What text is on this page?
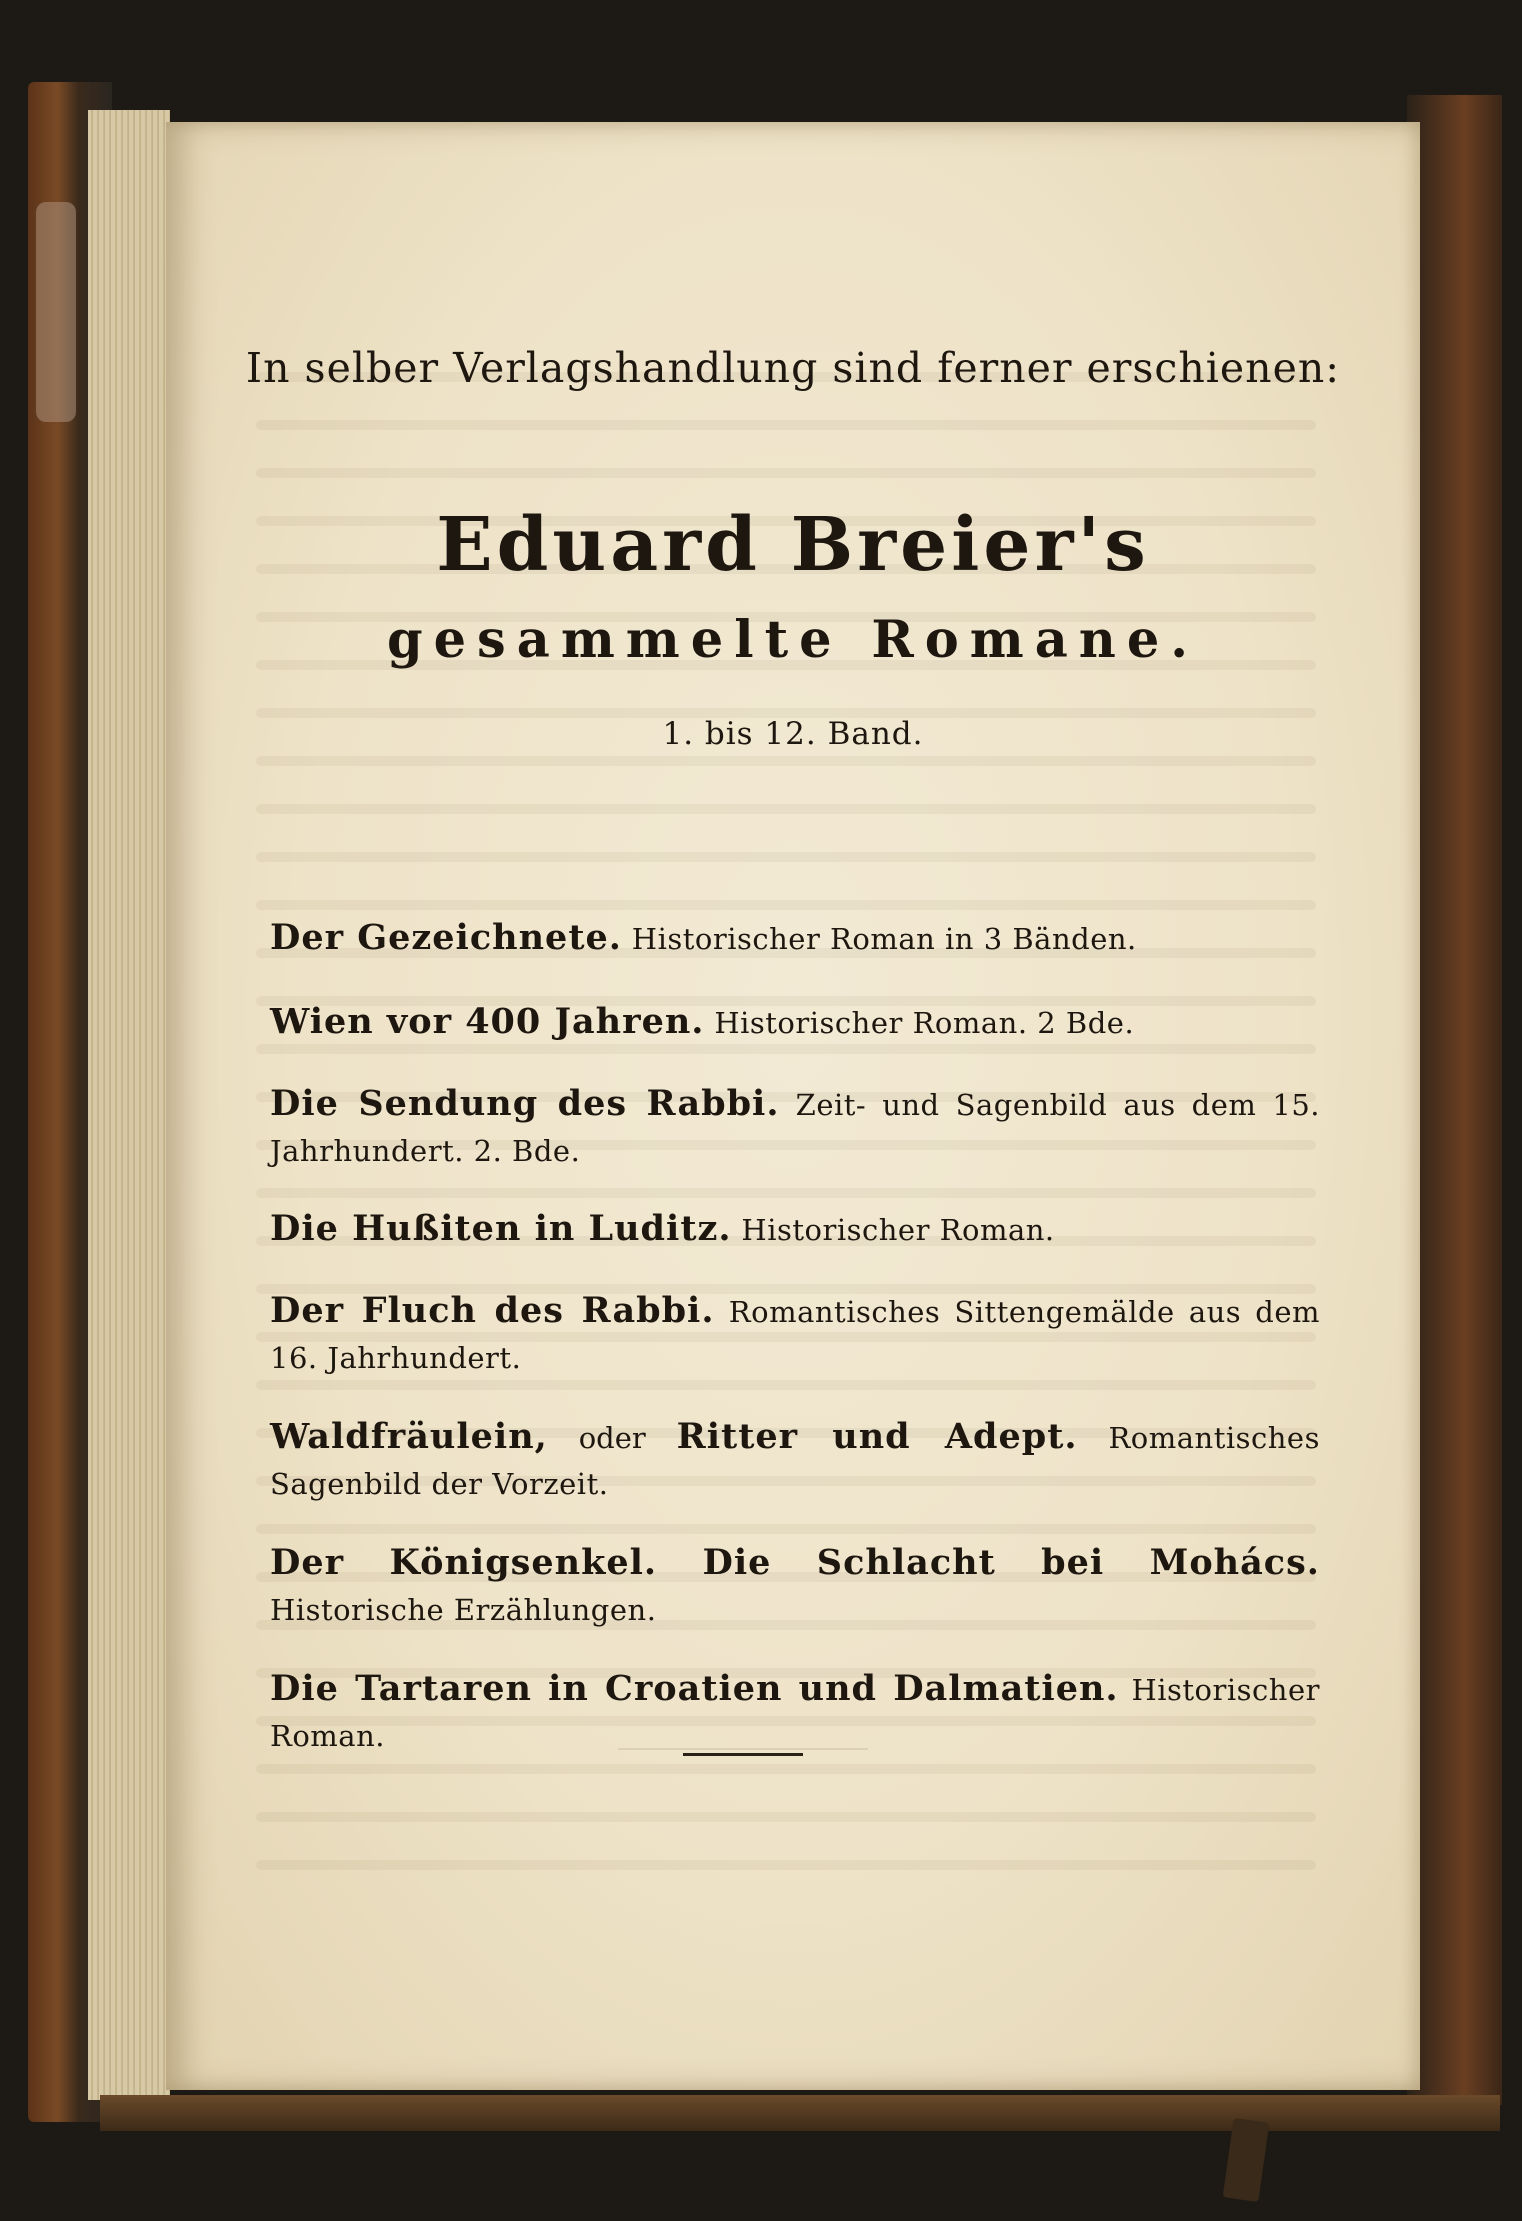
In selber Verlagshandlung sind ferner erschienen:
Eduard Breier's
gesammelte Romane.
1. bis 12. Band.
Der Gezeichnete. Historischer Roman in 3 Bänden.
Wien vor 400 Jahren. Historischer Roman. 2 Bde.
Die Sendung des Rabbi. Zeit- und Sagenbild aus dem 15. Jahrhundert. 2. Bde.
Die Hußiten in Luditz. Historischer Roman.
Der Fluch des Rabbi. Romantisches Sittengemälde aus dem 16. Jahrhundert.
Waldfräulein, oder Ritter und Adept. Romantisches Sagenbild der Vorzeit.
Der Königsenkel. Die Schlacht bei Mohács. Historische Erzählungen.
Die Tartaren in Croatien und Dalmatien. Historischer Roman.
